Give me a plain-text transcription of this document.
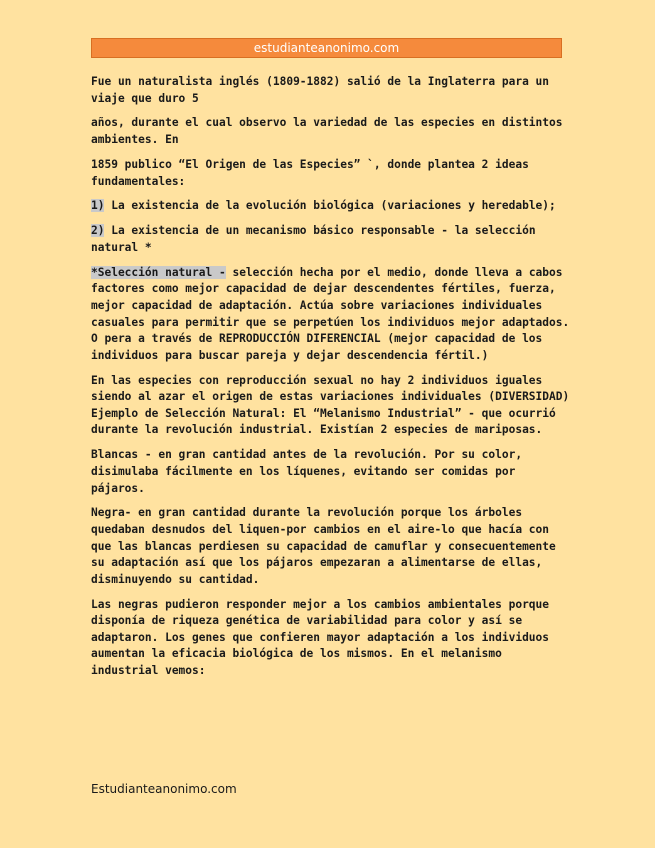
estudianteanonimo.com

Fue un naturalista inglés (1809-1882) salió de la Inglaterra para un viaje que duro 5

años, durante el cual observo la variedad de las especies en distintos ambientes. En

1859 publico “El Origen de las Especies” `, donde plantea 2 ideas fundamentales:

1) La existencia de la evolución biológica (variaciones y heredable);

2) La existencia de un mecanismo básico responsable - la selección natural *

*Selección natural - selección hecha por el medio, donde lleva a cabos factores como mejor capacidad de dejar descendentes fértiles, fuerza, mejor capacidad de adaptación. Actúa sobre variaciones individuales casuales para permitir que se perpetúen los individuos mejor adaptados. O pera a través de REPRODUCCIÓN DIFERENCIAL (mejor capacidad de los individuos para buscar pareja y dejar descendencia fértil.)

En las especies con reproducción sexual no hay 2 individuos iguales siendo al azar el origen de estas variaciones individuales (DIVERSIDAD)

Ejemplo de Selección Natural: El “Melanismo Industrial” - que ocurrió durante la revolución industrial. Existían 2 especies de mariposas.

Blancas - en gran cantidad antes de la revolución. Por su color, disimulaba fácilmente en los líquenes, evitando ser comidas por pájaros.

Negra- en gran cantidad durante la revolución porque los árboles quedaban desnudos del liquen-por cambios en el aire-lo que hacía con que las blancas perdiesen su capacidad de camuflar y consecuentemente su adaptación así que los pájaros empezaran a alimentarse de ellas, disminuyendo su cantidad.

Las negras pudieron responder mejor a los cambios ambientales porque disponía de riqueza genética de variabilidad para color y así se adaptaron. Los genes que confieren mayor adaptación a los individuos aumentan la eficacia biológica de los mismos. En el melanismo industrial vemos:

Estudianteanonimo.com
